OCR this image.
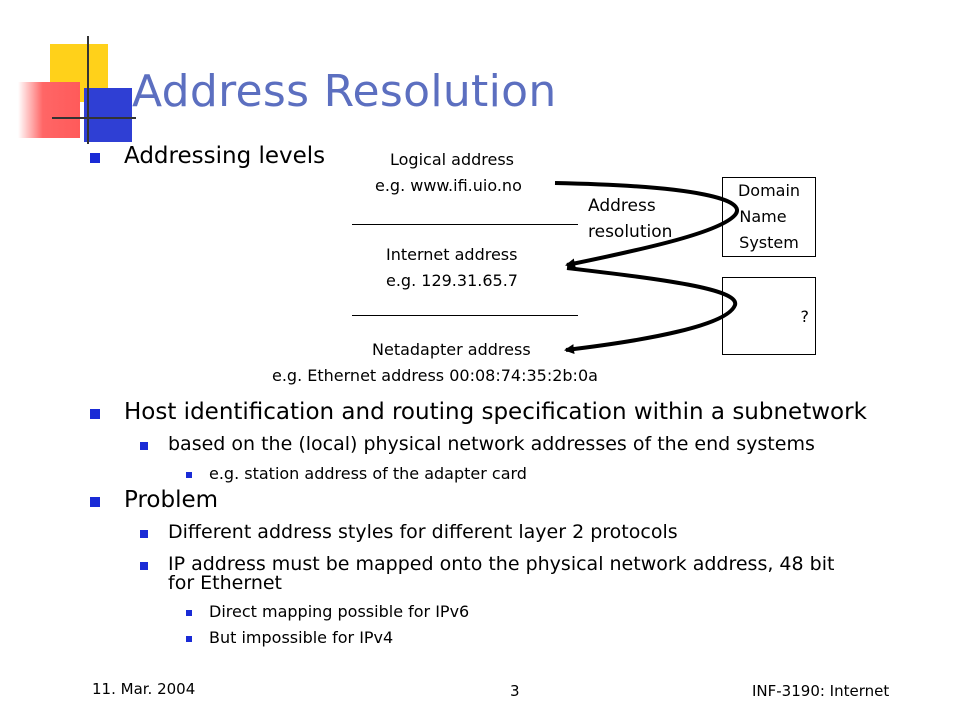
Address Resolution
Addressing levels	Logical address
e.g. www.ifi.uio.no
Address
resolution
Internet address
e.g. 129.31.65.7
Netadapter address
e.g. Ethernet address 00:08:74:35:2b:0a
Domain
Name
System
?
Host identification and routing specification within a subnetwork
based on the (local) physical network addresses of the end systems
e.g. station address of the adapter card
Problem
Different address styles for different layer 2 protocols
IP address must be mapped onto the physical network address, 48 bit
for Ethernet
Direct mapping possible for IPv6
But impossible for IPv4
11. Mar. 2004	3	INF-3190: Internet
